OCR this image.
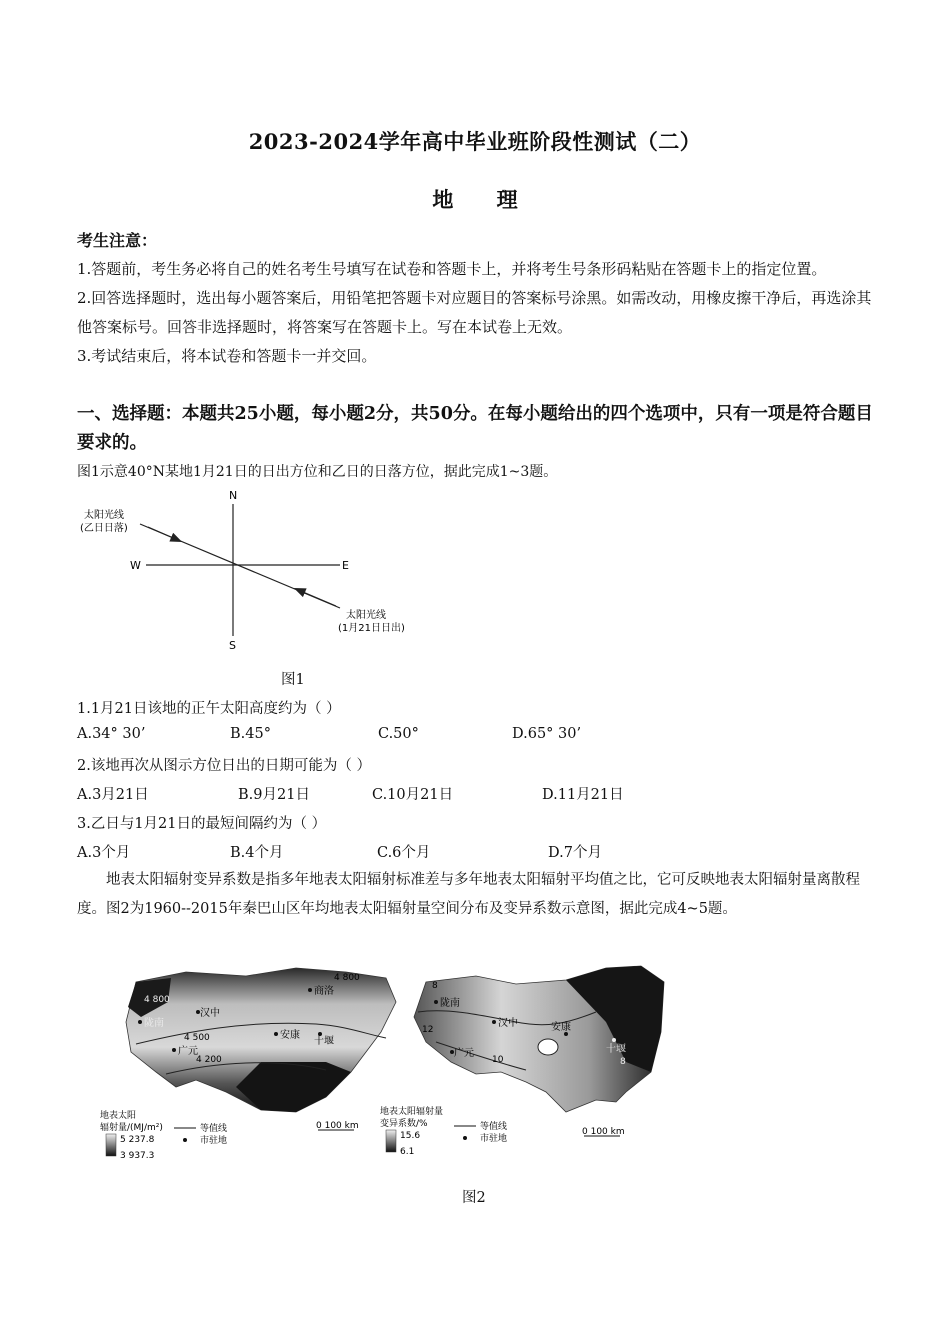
2023-2024学年高中毕业班阶段性测试（二）
地 理
考生注意：
1.答题前，考生务必将自己的姓名考生号填写在试卷和答题卡上，并将考生号条形码粘贴在答题卡上的指定位置。
2.回答选择题时，选出每小题答案后，用铅笔把答题卡对应题目的答案标号涂黑。如需改动，用橡皮擦干净后，再选涂其他答案标号。回答非选择题时，将答案写在答题卡上。写在本试卷上无效。
3.考试结束后，将本试卷和答题卡一并交回。
一、选择题：本题共25小题，每小题2分，共50分。在每小题给出的四个选项中，只有一项是符合题目要求的。
图1示意40°N某地1月21日的日出方位和乙日的日落方位，据此完成1~3题。
N
S
W	E
太阳光线
(乙日日落)
太阳光线
(1月21日日出)
图1
1.1月21日该地的正午太阳高度约为（ ）
A.34° 30’	B.45°	C.50°	D.65° 30’
2.该地再次从图示方位日出的日期可能为（ ）
A.3月21日	B.9月21日	C.10月21日	D.11月21日
3.乙日与1月21日的最短间隔约为（ ）
A.3个月	B.4个月	C.6个月	D.7个月
地表太阳辐射变异系数是指多年地表太阳辐射标准差与多年地表太阳辐射平均值之比，它可反映地表太阳辐射量离散程度。图2为1960--2015年秦巴山区年均地表太阳辐射量空间分布及变异系数示意图，据此完成4~5题。
商洛
汉中
陇南
安康
十堰
广元
4 800
4 500
4 200
4 800
0 100 km
地表太阳
辐射量/(MJ/m²)
5 237.8
3 937.3
等值线
市驻地
陇南
汉中	安康
十堰
广元
8
10	8
12
0 100 km
地表太阳辐射量
变异系数/%
15.6
6.1
等值线
市驻地
图2
